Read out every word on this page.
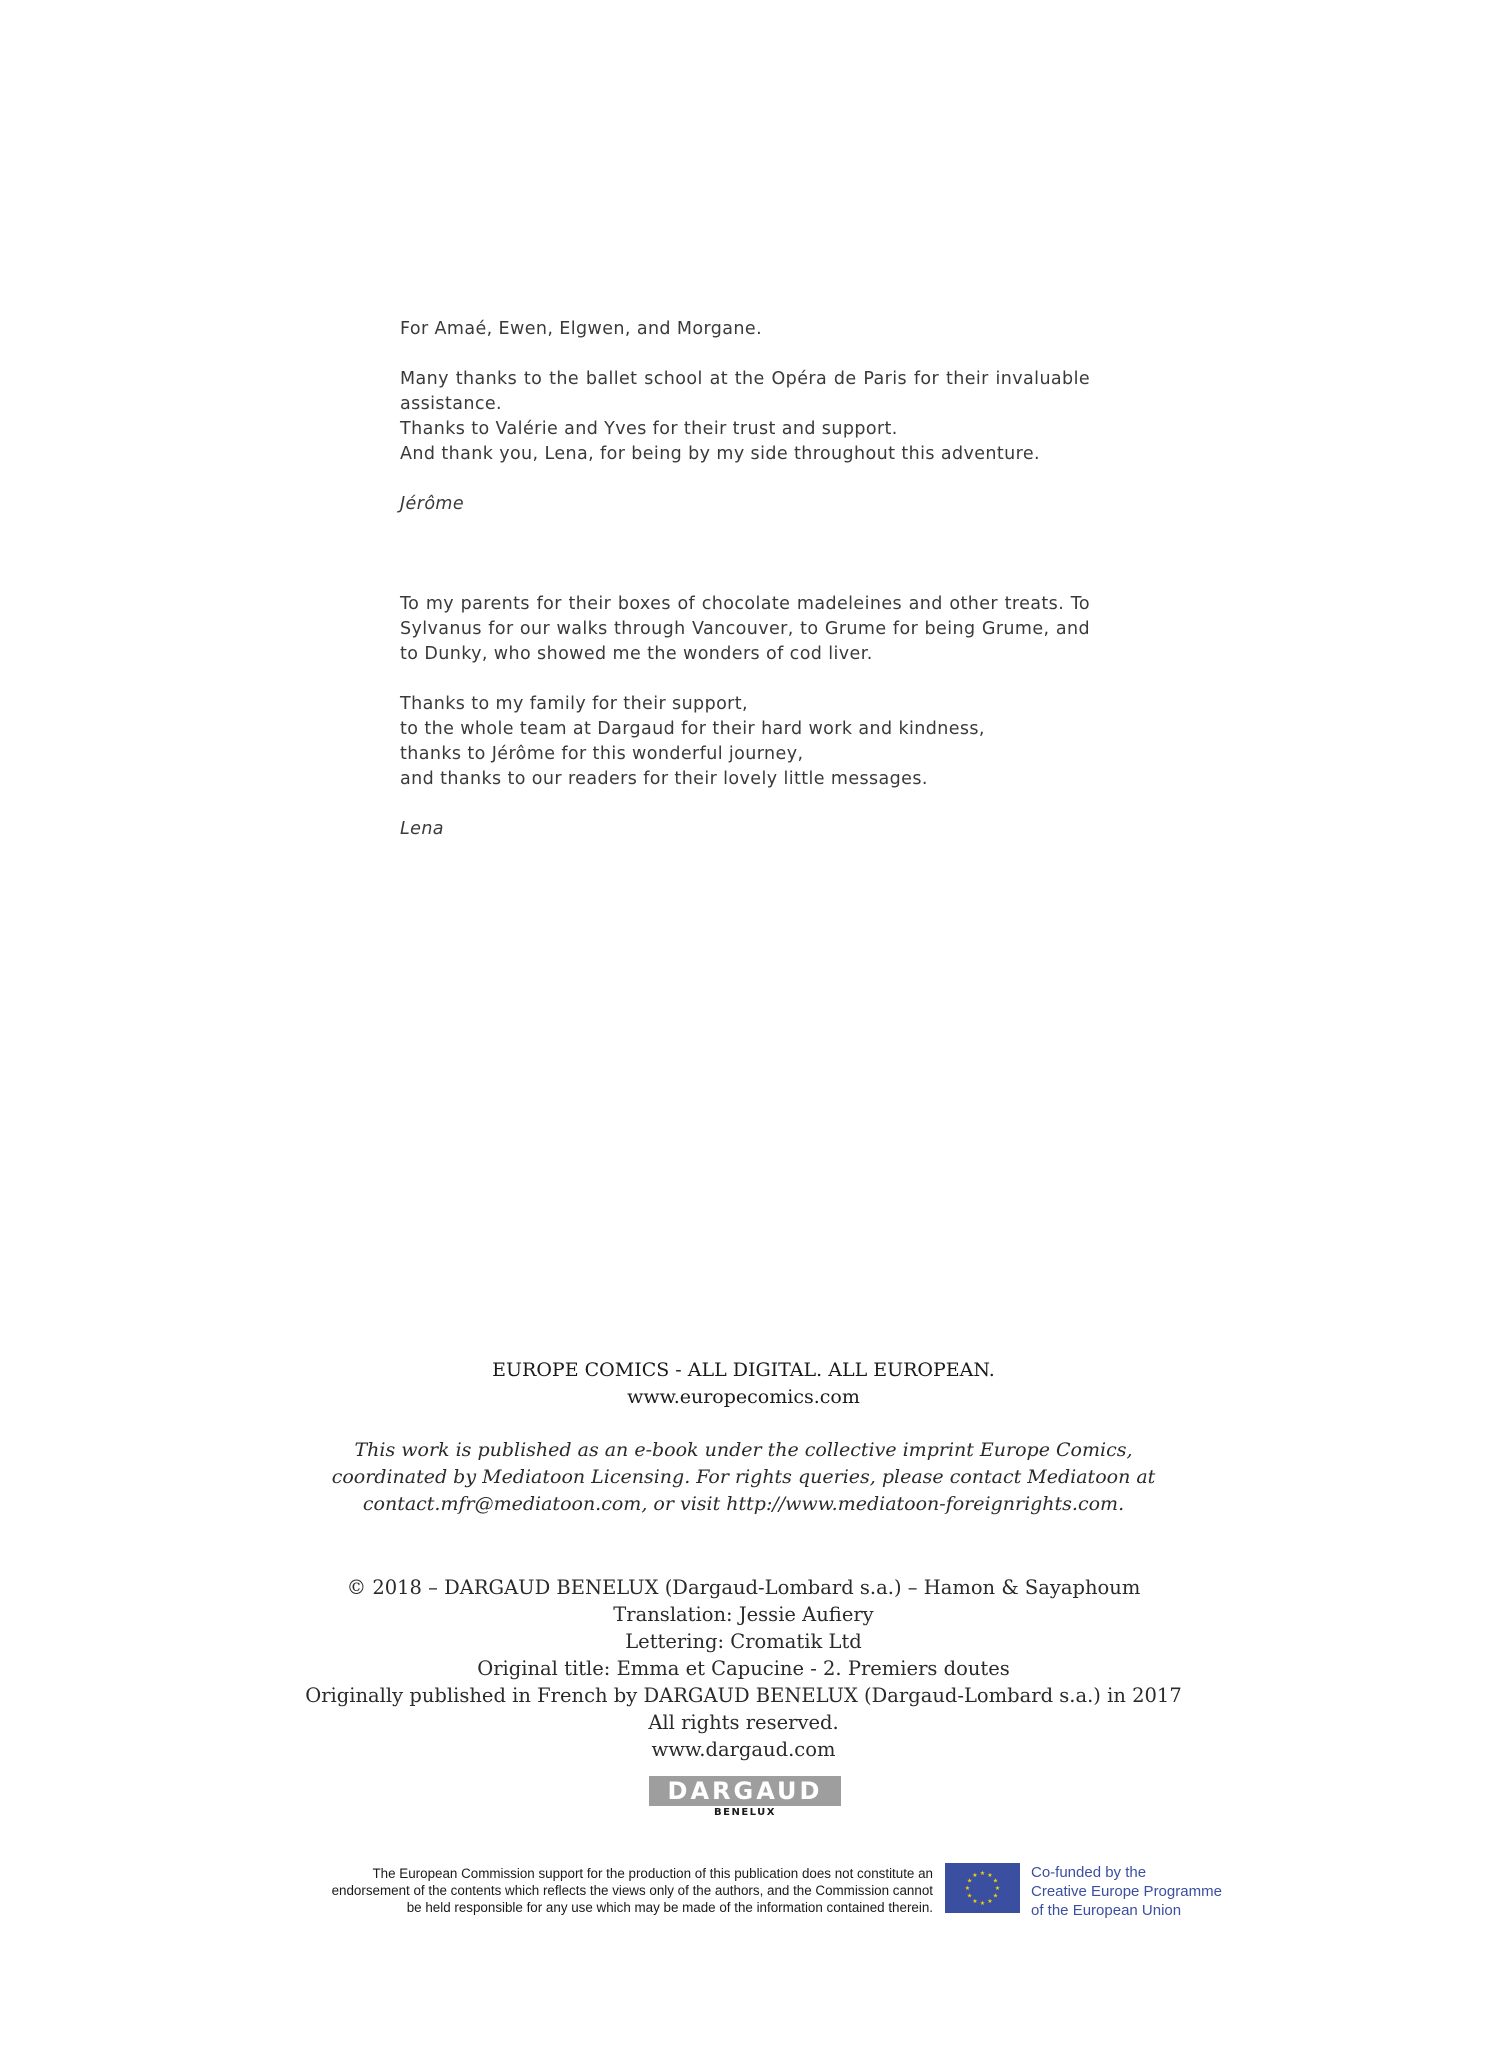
For Amaé, Ewen, Elgwen, and Morgane.

Many thanks to the ballet school at the Opéra de Paris for their invaluable assistance.

Thanks to Valérie and Yves for their trust and support.

And thank you, Lena, for being by my side throughout this adventure.

Jérôme

To my parents for their boxes of chocolate madeleines and other treats. To Sylvanus for our walks through Vancouver, to Grume for being Grume, and to Dunky, who showed me the wonders of cod liver.

Thanks to my family for their support,

to the whole team at Dargaud for their hard work and kindness,

thanks to Jérôme for this wonderful journey,

and thanks to our readers for their lovely little messages.

Lena

EUROPE COMICS - ALL DIGITAL. ALL EUROPEAN.

www.europecomics.com

This work is published as an e-book under the collective imprint Europe Comics,

coordinated by Mediatoon Licensing. For rights queries, please contact Mediatoon at

contact.mfr@mediatoon.com, or visit http://www.mediatoon-foreignrights.com.

© 2018 – DARGAUD BENELUX (Dargaud-Lombard s.a.) – Hamon & Sayaphoum

Translation: Jessie Aufiery

Lettering: Cromatik Ltd

Original title: Emma et Capucine - 2. Premiers doutes

Originally published in French by DARGAUD BENELUX (Dargaud-Lombard s.a.) in 2017

All rights reserved.

www.dargaud.com

DARGAUD
BENELUX

The European Commission support for the production of this publication does not constitute an

endorsement of the contents which reflects the views only of the authors, and the Commission cannot

be held responsible for any use which may be made of the information contained therein.

★ ★
★
★
★
★
★
★
★
★
★
★	Co-funded by the

Creative Europe Programme

of the European Union
